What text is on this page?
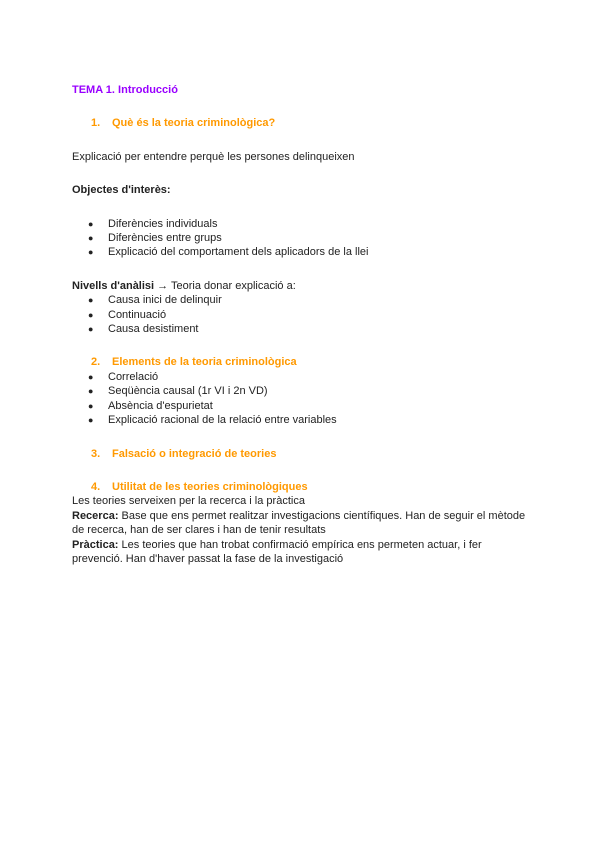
TEMA 1. Introducció

1. Què és la teoria criminològica?

Explicació per entendre perquè les persones delinqueixen

Objectes d'interès:

● Diferències individuals
● Diferències entre grups
● Explicació del comportament dels aplicadors de la llei

Nivells d'anàlisi → Teoria donar explicació a:

● Causa inici de delinquir
● Continuació
● Causa desistiment

2. Elements de la teoria criminològica

● Correlació
● Seqüència causal (1r VI i 2n VD)
● Absència d'espurietat
● Explicació racional de la relació entre variables

3. Falsació o integració de teories

4. Utilitat de les teories criminològiques

Les teories serveixen per la recerca i la pràctica

Recerca: Base que ens permet realitzar investigacions científiques. Han de seguir el mètode de recerca, han de ser clares i han de tenir resultats

Pràctica: Les teories que han trobat confirmació empírica ens permeten actuar, i fer prevenció. Han d'haver passat la fase de la investigació
